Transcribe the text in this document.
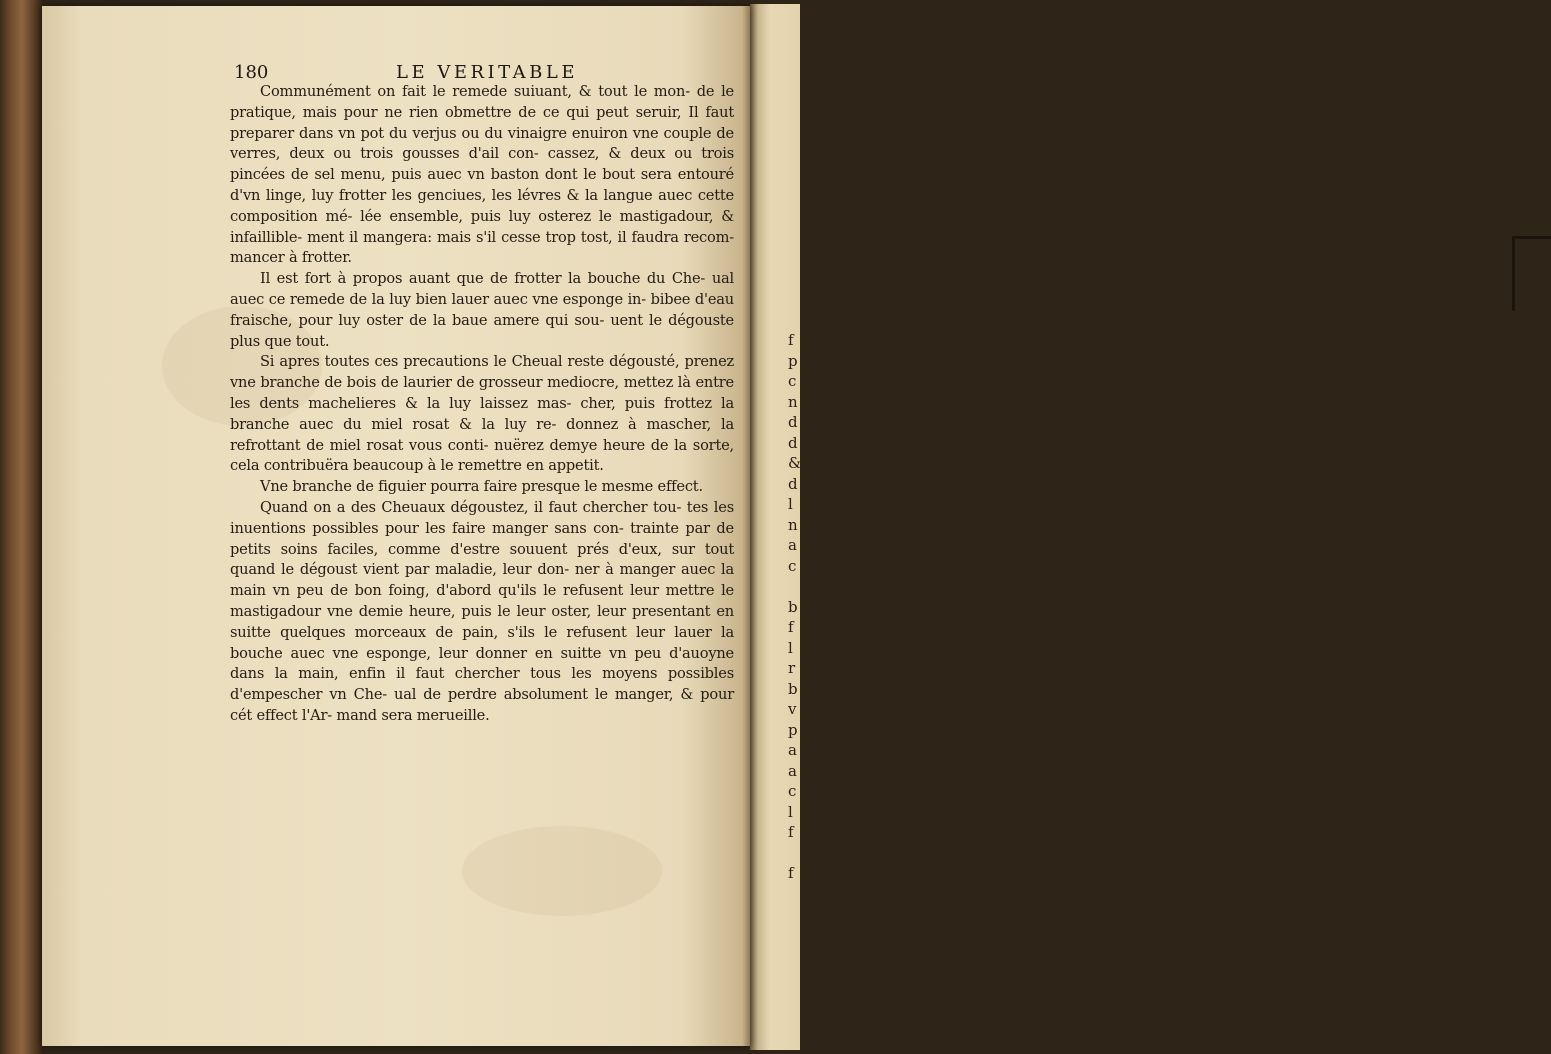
f
p
c
n
d
d
&
d
l
n
a
c

b
f
l
r
b
v
p
a
a
c
l
f

f
180	LE VERITABLE

Communément on fait le remede suiuant, & tout le mon- de le pratique, mais pour ne rien obmettre de ce qui peut seruir, Il faut preparer dans vn pot du verjus ou du vinaigre enuiron vne couple de verres, deux ou trois gousses d'ail con- cassez, & deux ou trois pincées de sel menu, puis auec vn baston dont le bout sera entouré d'vn linge, luy frotter les genciues, les lévres & la langue auec cette composition mé- lée ensemble, puis luy osterez le mastigadour, & infaillible- ment il mangera: mais s'il cesse trop tost, il faudra recom- mancer à frotter.

Il est fort à propos auant que de frotter la bouche du Che- ual auec ce remede de la luy bien lauer auec vne esponge in- bibee d'eau fraische, pour luy oster de la baue amere qui sou- uent le dégouste plus que tout.

Si apres toutes ces precautions le Cheual reste dégousté, prenez vne branche de bois de laurier de grosseur mediocre, mettez là entre les dents machelieres & la luy laissez mas- cher, puis frottez la branche auec du miel rosat & la luy re- donnez à mascher, la refrottant de miel rosat vous conti- nuërez demye heure de la sorte, cela contribuëra beaucoup à le remettre en appetit.

Vne branche de figuier pourra faire presque le mesme effect.

Quand on a des Cheuaux dégoustez, il faut chercher tou- tes les inuentions possibles pour les faire manger sans con- trainte par de petits soins faciles, comme d'estre souuent prés d'eux, sur tout quand le dégoust vient par maladie, leur don- ner à manger auec la main vn peu de bon foing, d'abord qu'ils le refusent leur mettre le mastigadour vne demie heure, puis le leur oster, leur presentant en suitte quelques morceaux de pain, s'ils le refusent leur lauer la bouche auec vne esponge, leur donner en suitte vn peu d'auoyne dans la main, enfin il faut chercher tous les moyens possibles d'empescher vn Che- ual de perdre absolument le manger, & pour cét effect l'Ar- mand sera merueille.
